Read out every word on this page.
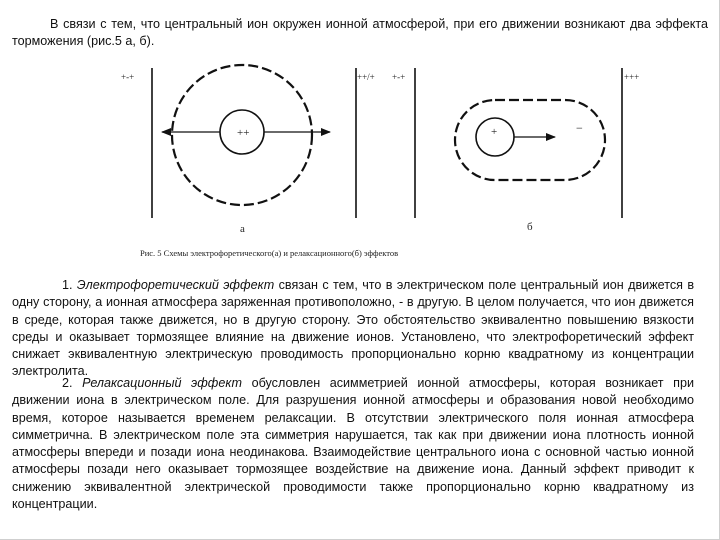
В связи с тем, что центральный ион окружен ионной атмосферой, при его движении возникают два эффекта торможения (рис.5 а, б).

+-+	++/+ +-+	+++
++	+	−
а	б
Рис. 5 Схемы электрофоретического(а) и релаксационного(б) эффектов

1. Электрофоретический эффект связан с тем, что в электрическом поле центральный ион движется в одну сторону, а ионная атмосфера заряженная противоположно, - в другую. В целом получается, что ион движется в среде, которая также движется, но в другую сторону. Это обстоятельство эквивалентно повышению вязкости среды и оказывает тормозящее влияние на движение ионов. Установлено, что электрофоретический эффект снижает эквивалентную электрическую проводимость пропорционально корню квадратному из концентрации электролита.

2. Релаксационный эффект обусловлен асимметрией ионной атмосферы, которая возникает при движении иона в электрическом поле. Для разрушения ионной атмосферы и образования новой необходимо время, которое называется временем релаксации. В отсутствии электрического поля ионная атмосфера симметрична. В электрическом поле эта симметрия нарушается, так как при движении иона плотность ионной атмосферы впереди и позади иона неодинакова. Взаимодействие центрального иона с основной частью ионной атмосферы позади него оказывает тормозящее воздействие на движение иона. Данный эффект приводит к снижению эквивалентной электрической проводимости также пропорционально корню квадратному из концентрации.
